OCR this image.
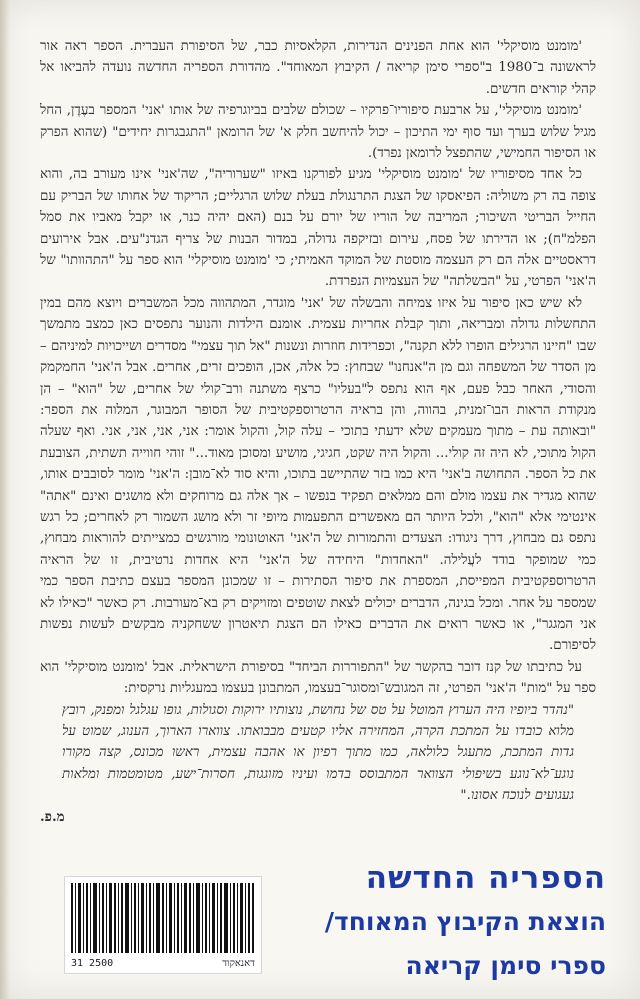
'מומנט מוסיקלי' הוא אחת הפנינים הנדירות, הקלאסיות כבר, של הסיפורת העברית. הספר ראה אור לראשונה ב־1980 ב"ספרי סימן קריאה / הקיבוץ המאוחד". מהדורת הספריה החדשה נועדה להביאו אל קהלי קוראים חדשים.

'מומנט מוסיקלי', על ארבעת סיפוריו־פרקיו – שכולם שלבים בביוגרפיה של אותו 'אני' המספר בעֶדֶן, החל מגיל שלוש בערך ועד סוף ימי התיכון – יכול להיחשב חלק א' של הרומאן "התגבגרות יחידים" (שהוא הפרק או הסיפור החמישי, שהתפצל לרומאן נפרד).

כל אחד מסיפוריו של 'מומנט מוסיקלי' מגיע לפורקנו באיזו "שערוריה", שה'אני' אינו מעורב בה, והוא צופה בה רק משוליה: הפיאסקו של הצגת התרנגולת בעלת שלוש הרגליים; הריקוד של אחותו של הבריק עם החייל הבריטי השיכור; המריבה של הוריו של יורם על בנם (האם יהיה כנר, או יקבל מאביו את סמל הפלמ"ח); או הדירתו של פסח, עירום ובזיקפה גדולה, במדור הבנות של צריף הגדנ"עים. אבל אירועים דראסטיים אלה הם רק העצמה מוסטת של המוקד האמיתי; כי 'מומנט מוסיקלי' הוא ספר על "התהוותו" של ה'אני' הפרטי, על "הבשלתה" של העצמיות הנפרדת.

לא שיש כאן סיפור על איזו צמיחה והבשלה של 'אני' מוגדר, המתהווה מכל המשברים ויוצא מהם במין התחשלות גדולה ומבריאה, ותוך קבלת אחריות עצמית. אומנם הילדות והנוער נתפסים כאן כמצב מתמשך שבו "חיינו הרגילים הופרו ללא תקנה", וכפרידות חוזרות ונשנות "אל תוך עצמי" מסדרים ושייכויות למיניהם – מן הסדר של המשפחה וגם מן ה"אנחנו" שבחוץ: כל אלה, אכן, הופכים זרים, אחרים. אבל ה'אני' החמקמק והסודי, האחר כבל פעם, אף הוא נתפס ל"בעליו" כרצף משתנה ורב־קולי של אחרים, של "הוא" – הן מנקודת הראות הבו־זמנית, בהווה, והן בראיה הרטרוספקטיבית של הסופר המבוגר, המלוה את הספר: "ובאותה עת – מתוך מעמקים שלא ידעתי בתוכי – עלה קול, והקול אומר: אני, אני, אני, אני. ואף שעלה הקול מתוכי, לא היה זה קולי... והקול היה שקט, חגיגי, מושיע ומסוכן מאוד..." זוהי חווייה תשתית, הצובעת את כל הספר. התחושה ב'אני' היא כמו בזר שהתיישב בתוכו, והיא סוד לא־מובן: ה'אני' מומר לסובבים אותו, שהוא מגדיר את עצמו מולם והם ממלאים תפקיד בנפשו – אך אלה גם מרוחקים ולא מושגים ואינם "אתה" אינטימי אלא "הוא", ולכל היותר הם מאפשרים התפעמות מיופי זר ולא מושג השמור רק לאחרים; כל רגש נתפס גם מבחוץ, דרך ניגודו: הצעדים והתמורות של ה'אני' האוטונומי מורגשים כמצייתים להוראות מבחוץ, כמי שמופקר בודד לעֲלילה. "האחדות" היחידה של ה'אני' היא אחדות נרטיבית, זו של הראיה הרטרוספקטיבית המפייסת, המספרת את סיפור הסתירות – זו שמכונן המספר בעצם כתיבת הספר כמי שמספר על אחר. ומכל בגינה, הדברים יכולים לצאת שוטפים ומזויקים רק בא־מעורבות. רק כאשר "כאילו לא אני המגגר", או כאשר רואים את הדברים כאילו הם הצגת תיאטרון ששחקניה מבקשים לעשות נפשות לסיפורם.

על כתיבתו של קנז דובר בהקשר של "התפוררות הביחד" בסיפורת הישראלית. אבל 'מומנט מוסיקלי' הוא ספר על "מות" ה'אני' הפרטי, זה המגובש־ומסוגר־בעצמו, המתבונן בעצמו במעגליות נרקסית:

"נהדר ביופיו היה הערוץ המוטל על טס של נחושת, נוצותיו ירוקות וסגולות, גופו עגלגל ומפנק, רובץ מלוא כובדו על המתכת הקרה, המחזירה אליו קטעים מבבואתו. צווארו הארוך, הענוג, שמוט על גדות המתכת, מתעגל כלולאה, כמו מתוך רפיון או אהבה עצמית, ראשו מכונס, קצה מקורו נוגע־לא־נוגע בשיפולי הצוואר המתבוסס בדמו ועיניו מזוגגות, חסרות־ישע, מטומטמות ומלאות געגועים לנוכח אסונו."

מ.פ.

31 2500	דאנאקוד
הספריה החדשה
הוצאת הקיבוץ המאוחד/
ספרי סימן קריאה
